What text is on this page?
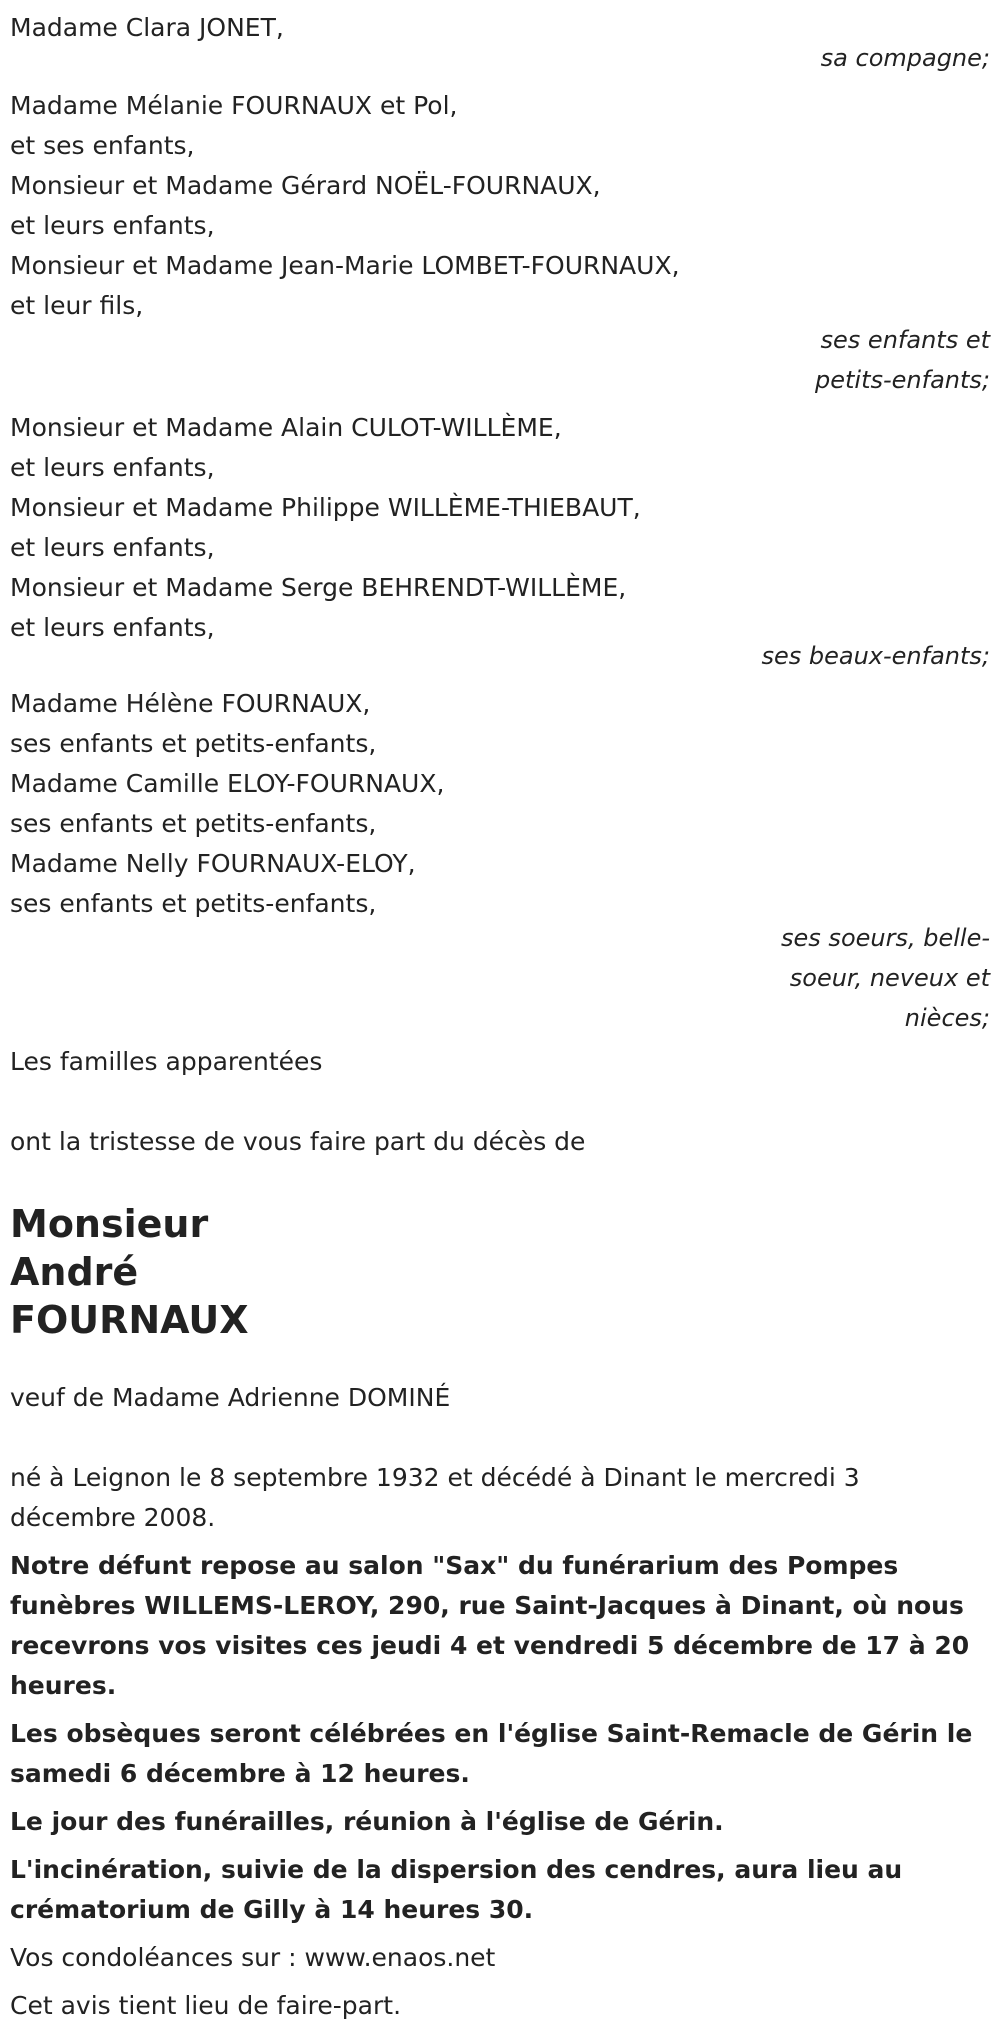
Madame Clara JONET,
sa compagne;
Madame Mélanie FOURNAUX et Pol,
et ses enfants,
Monsieur et Madame Gérard NOËL-FOURNAUX,
et leurs enfants,
Monsieur et Madame Jean-Marie LOMBET-FOURNAUX,
et leur fils,
ses enfants et
petits-enfants;
Monsieur et Madame Alain CULOT-WILLÈME,
et leurs enfants,
Monsieur et Madame Philippe WILLÈME-THIEBAUT,
et leurs enfants,
Monsieur et Madame Serge BEHRENDT-WILLÈME,
et leurs enfants,
ses beaux-enfants;
Madame Hélène FOURNAUX,
ses enfants et petits-enfants,
Madame Camille ELOY-FOURNAUX,
ses enfants et petits-enfants,
Madame Nelly FOURNAUX-ELOY,
ses enfants et petits-enfants,
ses soeurs, belle-
soeur, neveux et
nièces;
Les familles apparentées
ont la tristesse de vous faire part du décès de
Monsieur
André
FOURNAUX
veuf de Madame Adrienne DOMINÉ
né à Leignon le 8 septembre 1932 et décédé à Dinant le mercredi 3 décembre 2008.
Notre défunt repose au salon "Sax" du funérarium des Pompes funèbres WILLEMS-LEROY, 290, rue Saint-Jacques à Dinant, où nous recevrons vos visites ces jeudi 4 et vendredi 5 décembre de 17 à 20 heures.
Les obsèques seront célébrées en l'église Saint-Remacle de Gérin le samedi 6 décembre à 12 heures.
Le jour des funérailles, réunion à l'église de Gérin.
L'incinération, suivie de la dispersion des cendres, aura lieu au crématorium de Gilly à 14 heures 30.
Vos condoléances sur : www.enaos.net
Cet avis tient lieu de faire-part.
